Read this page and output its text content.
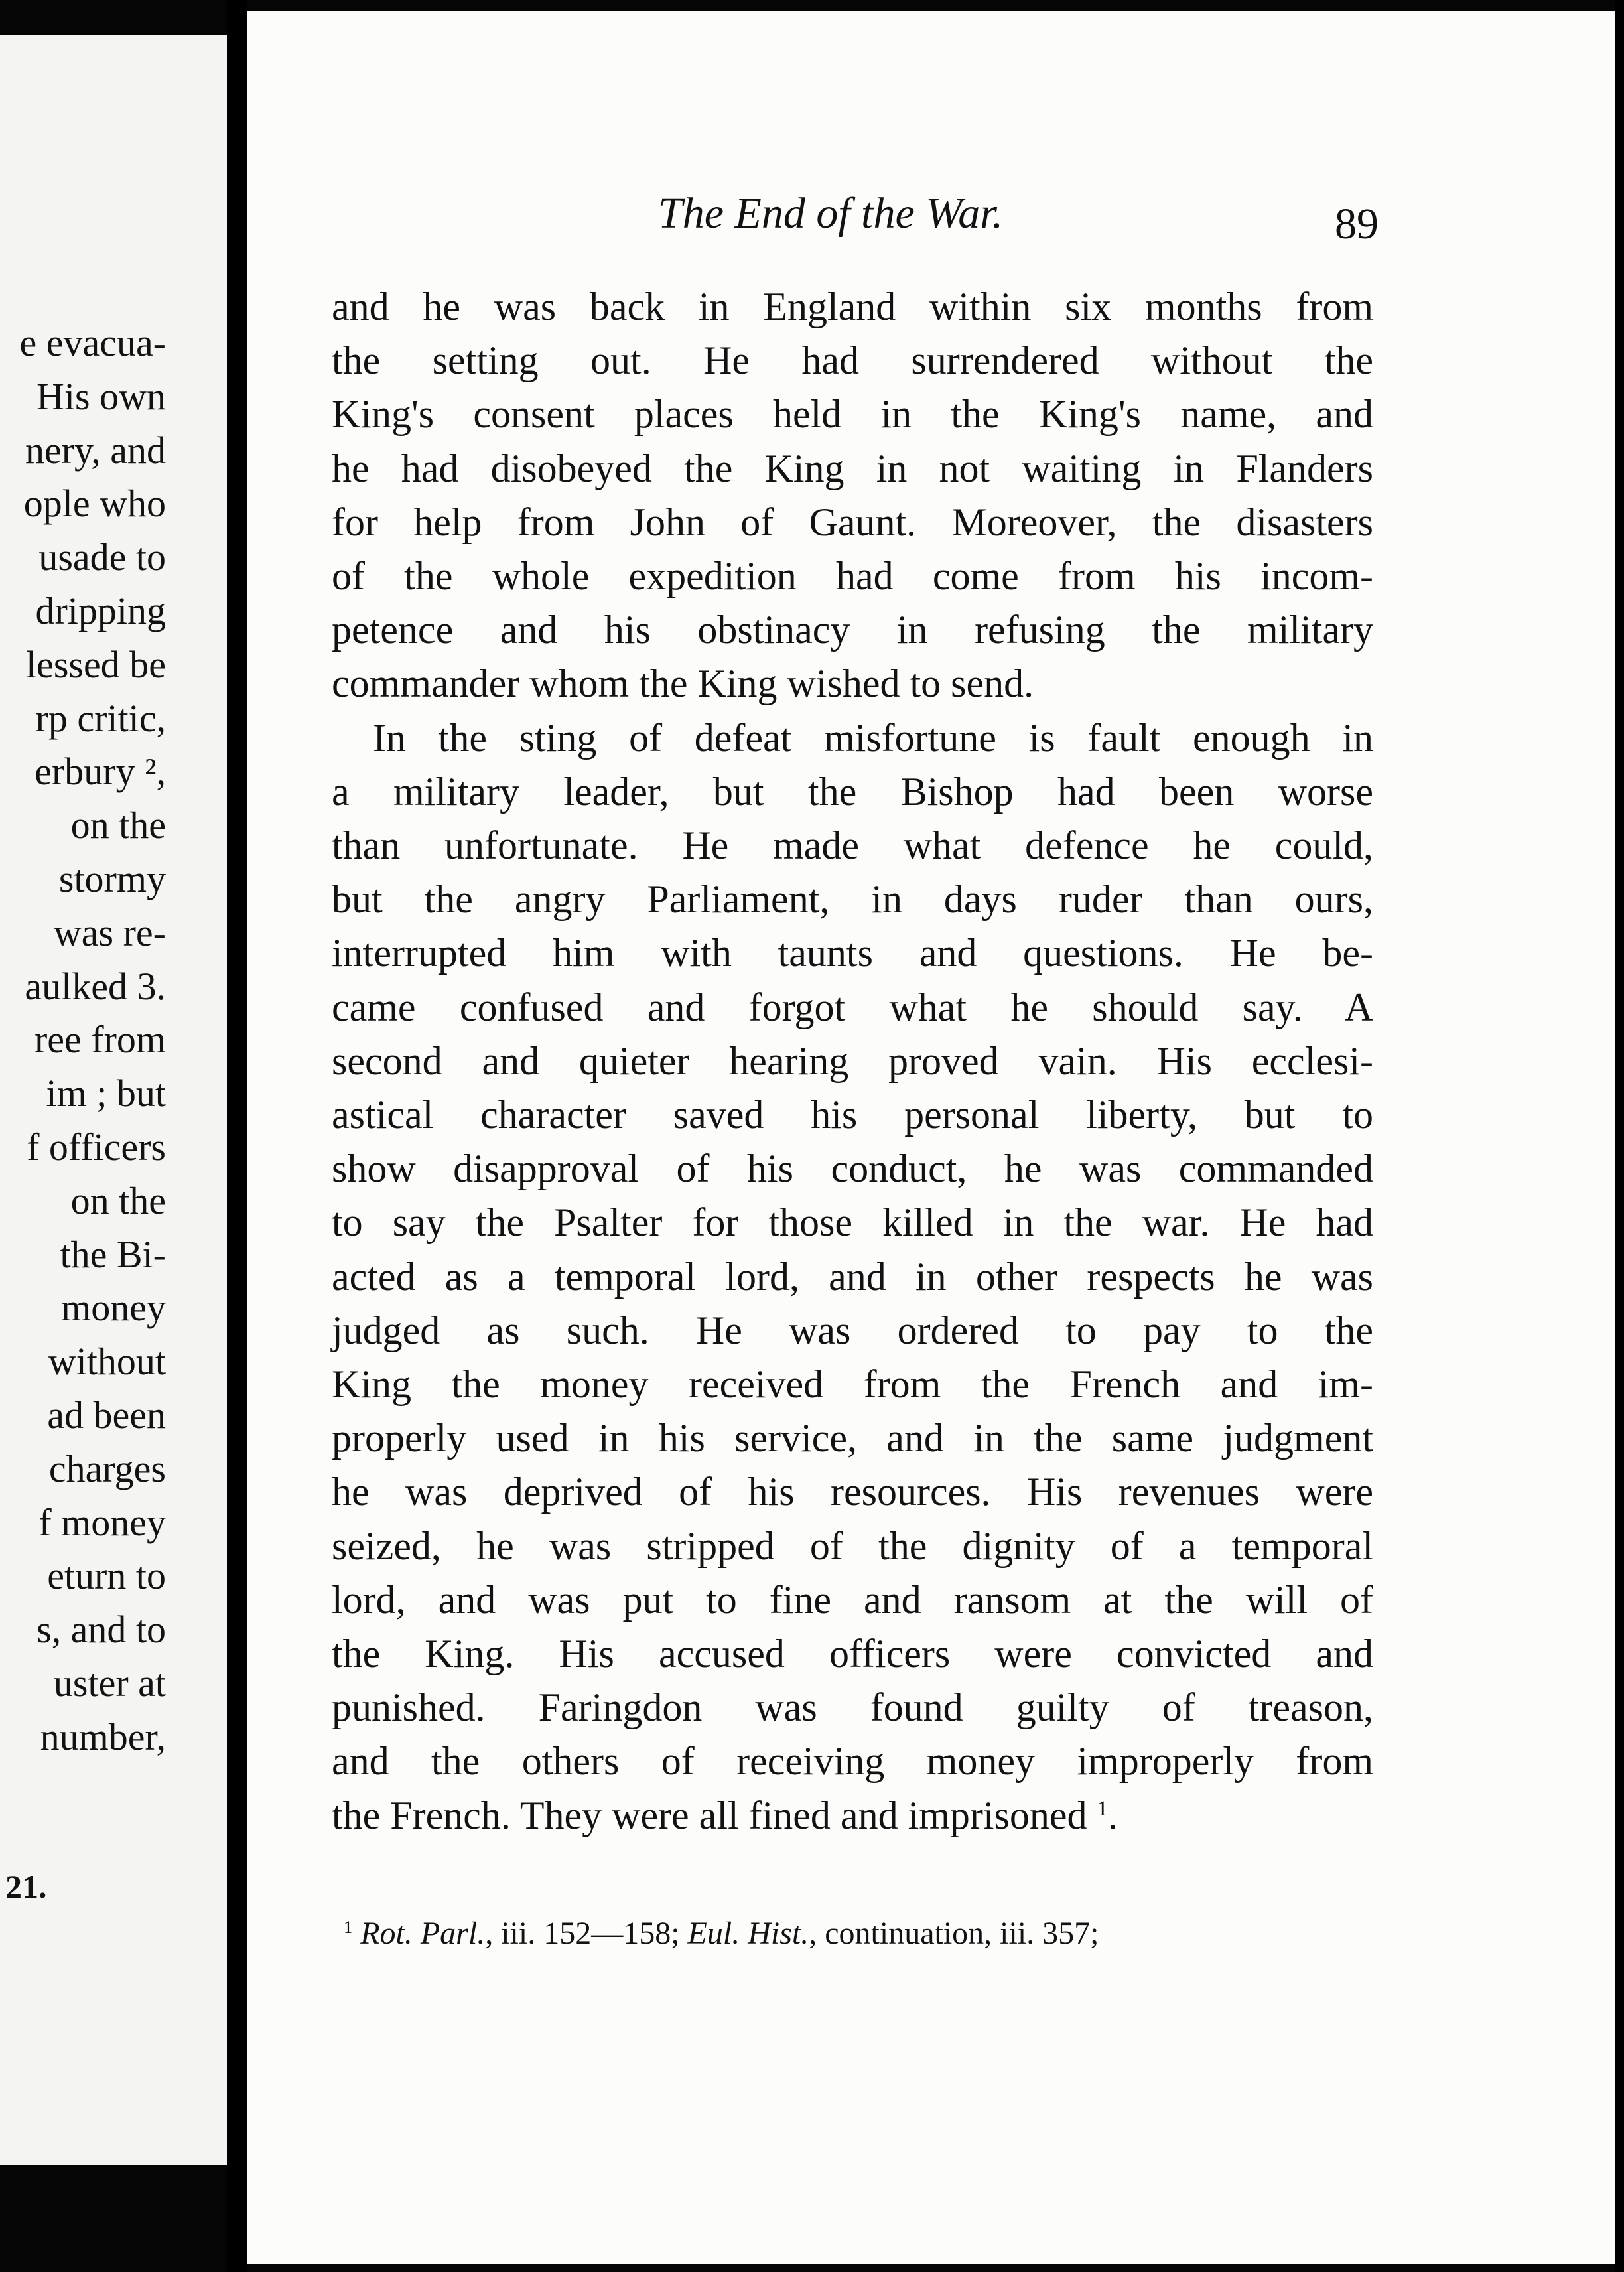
21.
e evacua-
His own
nery, and
ople who
usade to
dripping
lessed be
rp critic,
erbury ²,
on the
stormy
was re-
aulked 3.
ree from
im ; but
f officers
on the
the Bi-
money
without
ad been
charges
f money
eturn to
s, and to
uster at
number,
The End of the War.	89
$^1$ Rot. Parl., iii. 152—158; Eul. Hist., continuation, iii. 357;
and he was back in England within six months from
the setting out. He had surrendered without the
King's consent places held in the King's name, and
he had disobeyed the King in not waiting in Flanders
for help from John of Gaunt. Moreover, the disasters
of the whole expedition had come from his incom-
petence and his obstinacy in refusing the military
commander whom the King wished to send.
In the sting of defeat misfortune is fault enough in
a military leader, but the Bishop had been worse
than unfortunate. He made what defence he could,
but the angry Parliament, in days ruder than ours,
interrupted him with taunts and questions. He be-
came confused and forgot what he should say. A
second and quieter hearing proved vain. His ecclesi-
astical character saved his personal liberty, but to
show disapproval of his conduct, he was commanded
to say the Psalter for those killed in the war. He had
acted as a temporal lord, and in other respects he was
judged as such. He was ordered to pay to the
King the money received from the French and im-
properly used in his service, and in the same judgment
he was deprived of his resources. His revenues were
seized, he was stripped of the dignity of a temporal
lord, and was put to fine and ransom at the will of
the King. His accused officers were convicted and
punished. Faringdon was found guilty of treason,
and the others of receiving money improperly from
the French. They were all fined and imprisoned $^1$.
